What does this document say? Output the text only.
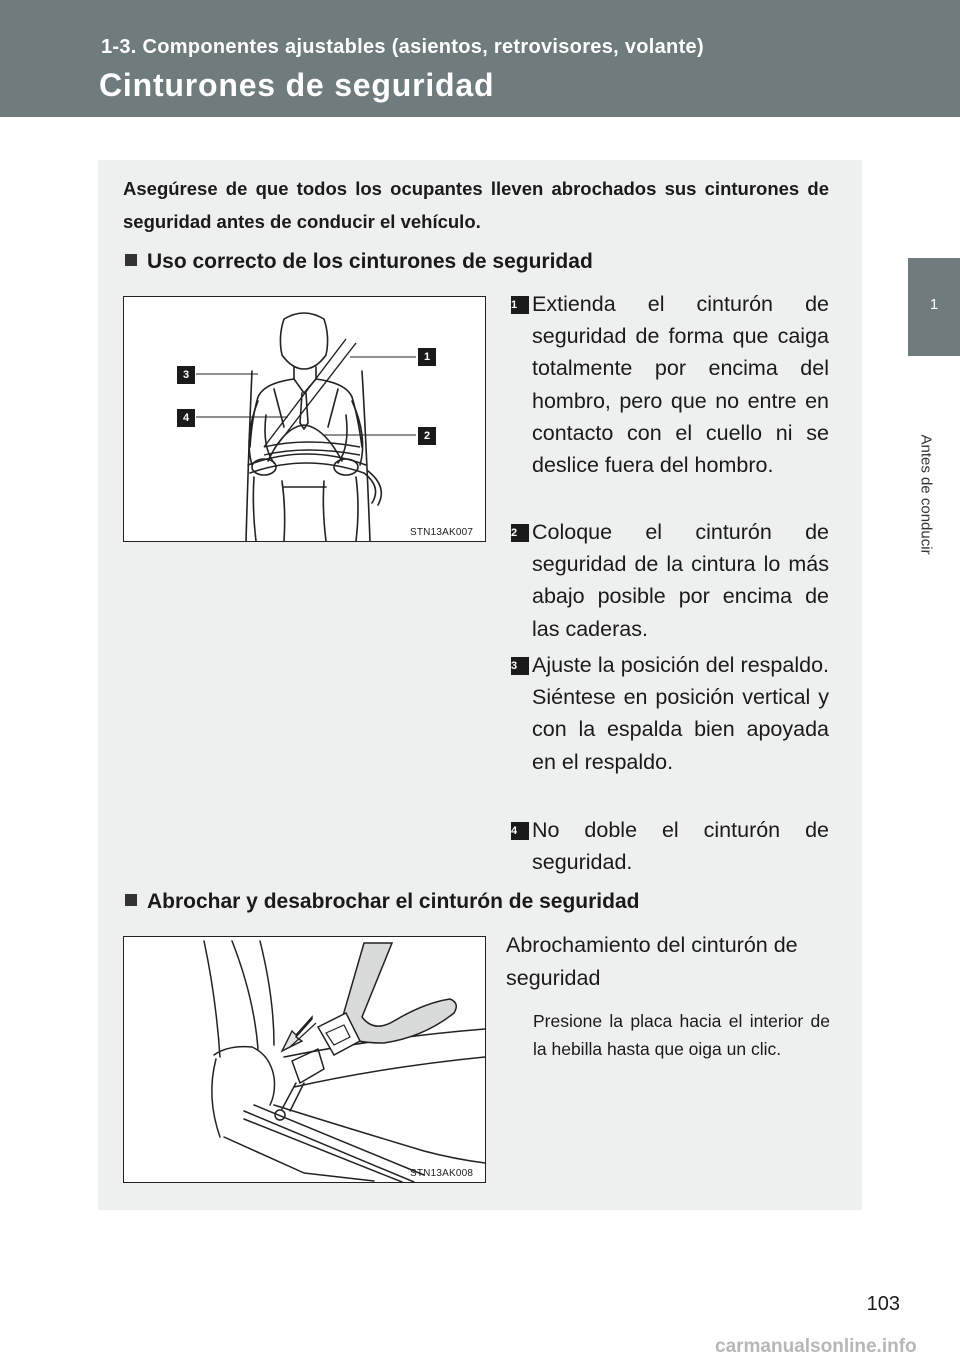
1-3. Componentes ajustables (asientos, retrovisores, volante)
Cinturones de seguridad
1
Antes de conducir
Asegúrese de que todos los ocupantes lleven abrochados sus cinturones de seguridad antes de conducir el vehículo.
Uso correcto de los cinturones de seguridad
1
2
3
4
STN13AK007
1 Extienda el cinturón de seguridad de forma que caiga totalmente por encima del hombro, pero que no entre en contacto con el cuello ni se deslice fuera del hombro.
2 Coloque el cinturón de seguridad de la cintura lo más abajo posible por encima de las caderas.
3 Ajuste la posición del respaldo. Siéntese en posición vertical y con la espalda bien apoyada en el respaldo.
4 No doble el cinturón de seguridad.
Abrochar y desabrochar el cinturón de seguridad
STN13AK008
Abrochamiento del cinturón de seguridad
Presione la placa hacia el interior de la hebilla hasta que oiga un clic.
103
carmanualsonline.info
